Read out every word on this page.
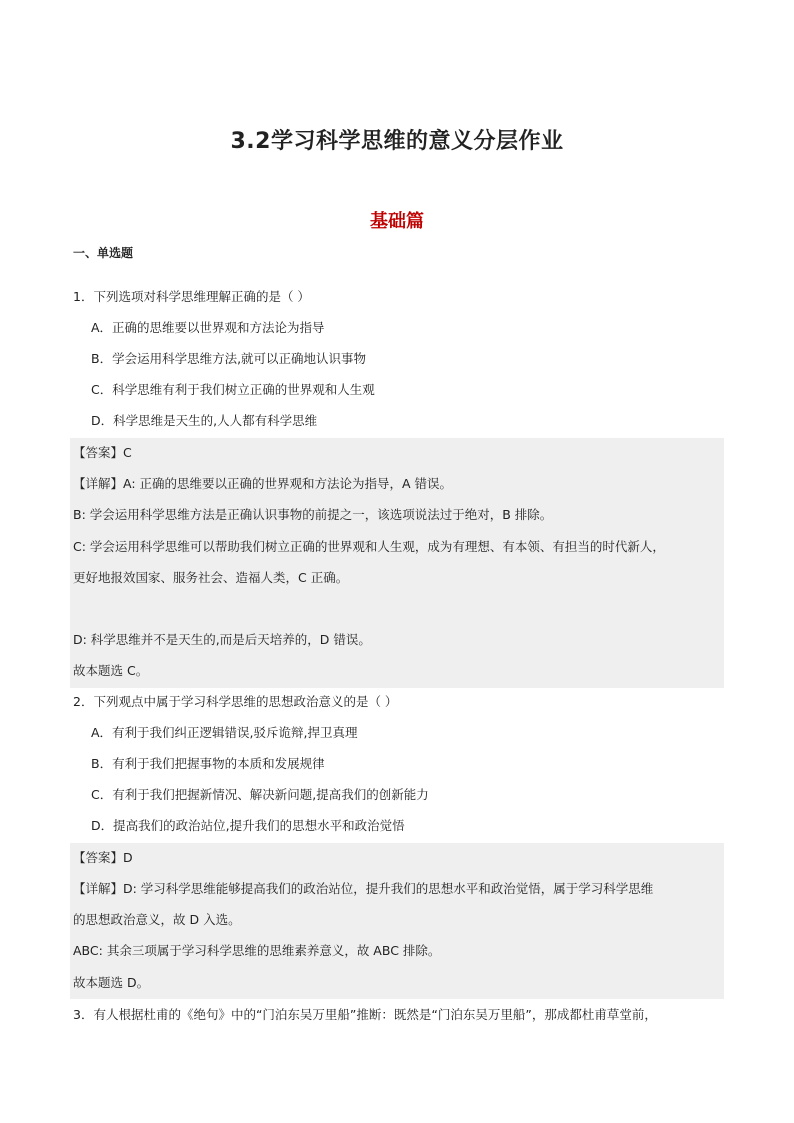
3.2学习科学思维的意义分层作业
基础篇
一、单选题
1．下列选项对科学思维理解正确的是（ ）
A．正确的思维要以世界观和方法论为指导
B．学会运用科学思维方法,就可以正确地认识事物
C．科学思维有利于我们树立正确的世界观和人生观
D．科学思维是天生的,人人都有科学思维
【答案】C
【详解】A: 正确的思维要以正确的世界观和方法论为指导，A 错误。
B: 学会运用科学思维方法是正确认识事物的前提之一，该选项说法过于绝对，B 排除。
C: 学会运用科学思维可以帮助我们树立正确的世界观和人生观，成为有理想、有本领、有担当的时代新人，
更好地报效国家、服务社会、造福人类，C 正确。
D: 科学思维并不是天生的,而是后天培养的，D 错误。
故本题选 C。
2．下列观点中属于学习科学思维的思想政治意义的是（ ）
A．有利于我们纠正逻辑错误,驳斥诡辩,捍卫真理
B．有利于我们把握事物的本质和发展规律
C．有利于我们把握新情况、解决新问题,提高我们的创新能力
D．提高我们的政治站位,提升我们的思想水平和政治觉悟
【答案】D
【详解】D: 学习科学思维能够提高我们的政治站位，提升我们的思想水平和政治觉悟，属于学习科学思维
的思想政治意义，故 D 入选。
ABC: 其余三项属于学习科学思维的思维素养意义，故 ABC 排除。
故本题选 D。
3．有人根据杜甫的《绝句》中的“门泊东吴万里船”推断：既然是“门泊东吴万里船”，那成都杜甫草堂前，
